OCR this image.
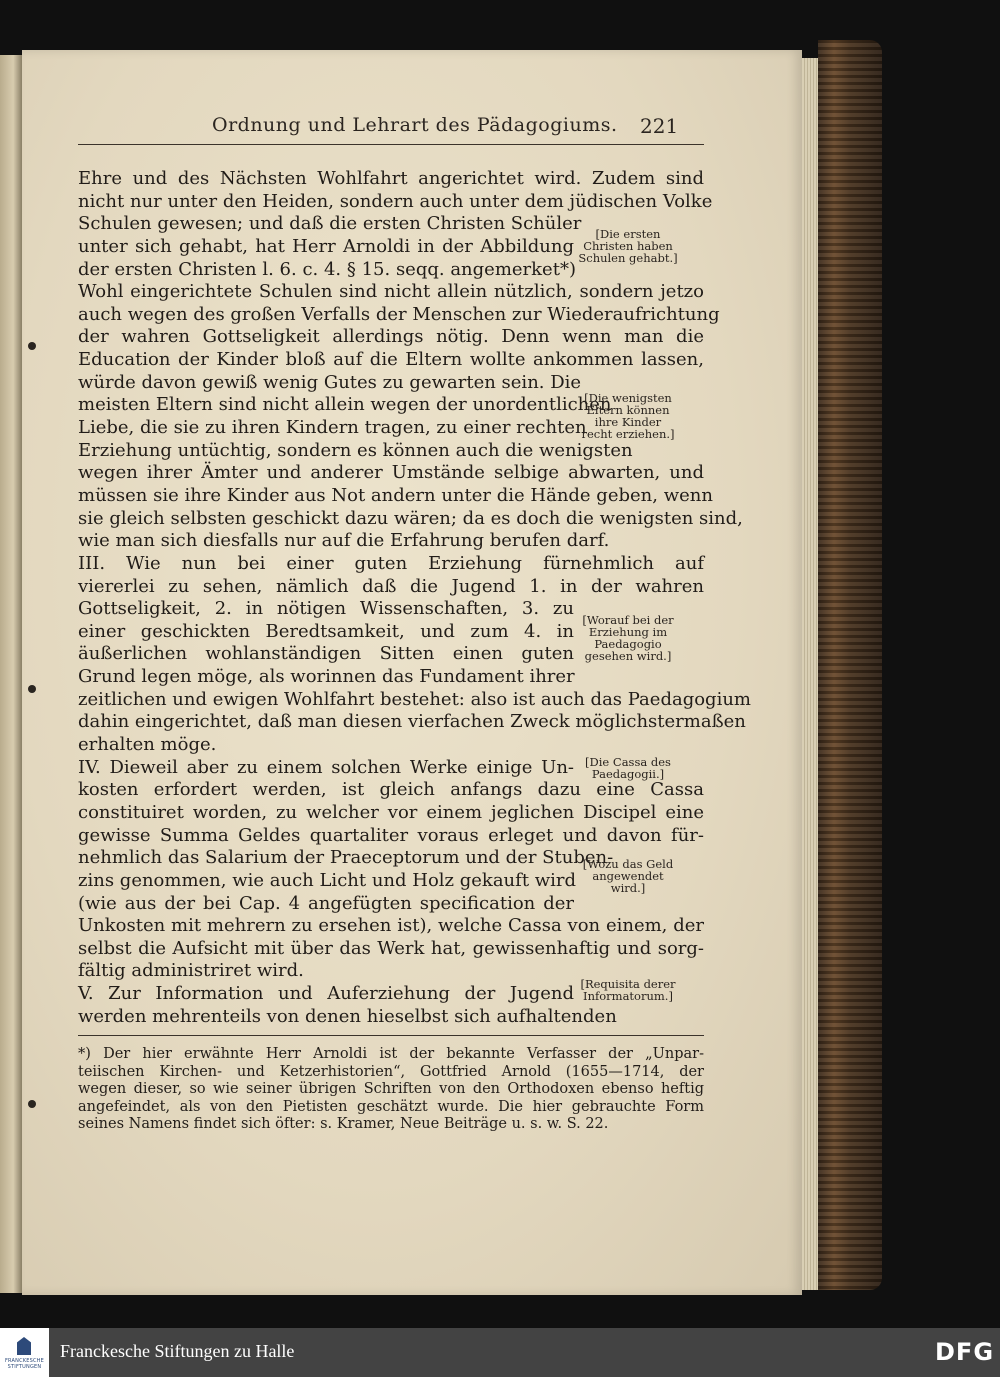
Ordnung und Lehrart des Pädagogiums. 221
Ehre und des Nächsten Wohlfahrt angerichtet wird. Zudem sind
nicht nur unter den Heiden, sondern auch unter dem jüdischen Volke
Schulen gewesen; und daß die ersten Christen Schüler
unter sich gehabt, hat Herr Arnoldi in der Abbildung
der ersten Christen l. 6. c. 4. § 15. seqq. angemerket*)
Wohl eingerichtete Schulen sind nicht allein nützlich, sondern jetzo
auch wegen des großen Verfalls der Menschen zur Wiederaufrichtung
der wahren Gottseligkeit allerdings nötig. Denn wenn man die
Education der Kinder bloß auf die Eltern wollte ankommen lassen,
würde davon gewiß wenig Gutes zu gewarten sein. Die
meisten Eltern sind nicht allein wegen der unordentlichen
Liebe, die sie zu ihren Kindern tragen, zu einer rechten
Erziehung untüchtig, sondern es können auch die wenigsten
wegen ihrer Ämter und anderer Umstände selbige abwarten, und
müssen sie ihre Kinder aus Not andern unter die Hände geben, wenn
sie gleich selbsten geschickt dazu wären; da es doch die wenigsten sind,
wie man sich diesfalls nur auf die Erfahrung berufen darf.
III. Wie nun bei einer guten Erziehung fürnehmlich auf
viererlei zu sehen, nämlich daß die Jugend 1. in der wahren
Gottseligkeit, 2. in nötigen Wissenschaften, 3. zu
einer geschickten Beredtsamkeit, und zum 4. in
äußerlichen wohlanständigen Sitten einen guten
Grund legen möge, als worinnen das Fundament ihrer
zeitlichen und ewigen Wohlfahrt bestehet: also ist auch das Paedagogium
dahin eingerichtet, daß man diesen vierfachen Zweck möglichstermaßen
erhalten möge.
IV. Dieweil aber zu einem solchen Werke einige Un-
kosten erfordert werden, ist gleich anfangs dazu eine Cassa
constituiret worden, zu welcher vor einem jeglichen Discipel eine
gewisse Summa Geldes quartaliter voraus erleget und davon für-
nehmlich das Salarium der Praeceptorum und der Stuben-
zins genommen, wie auch Licht und Holz gekauft wird
(wie aus der bei Cap. 4 angefügten specification der
Unkosten mit mehrern zu ersehen ist), welche Cassa von einem, der
selbst die Aufsicht mit über das Werk hat, gewissenhaftig und sorg-
fältig administriret wird.
V. Zur Information und Auferziehung der Jugend
werden mehrenteils von denen hieselbst sich aufhaltenden
[Die ersten Christen haben Schulen gehabt.]
[Die wenigsten Eltern können ihre Kinder recht erziehen.]
[Worauf bei der Erziehung im Paedagogio gesehen wird.]
[Die Cassa des Paedagogii.]
[Wozu das Geld angewendet wird.]
[Requisita derer Informatorum.]
*) Der hier erwähnte Herr Arnoldi ist der bekannte Verfasser der „Unpar-
teiischen Kirchen- und Ketzerhistorien“, Gottfried Arnold (1655—1714, der
wegen dieser, so wie seiner übrigen Schriften von den Orthodoxen ebenso heftig
angefeindet, als von den Pietisten geschätzt wurde. Die hier gebrauchte Form
seines Namens findet sich öfter: s. Kramer, Neue Beiträge u. s. w. S. 22.
FRANCKESCHE STIFTUNGEN
Franckesche Stiftungen zu Halle	DFG
